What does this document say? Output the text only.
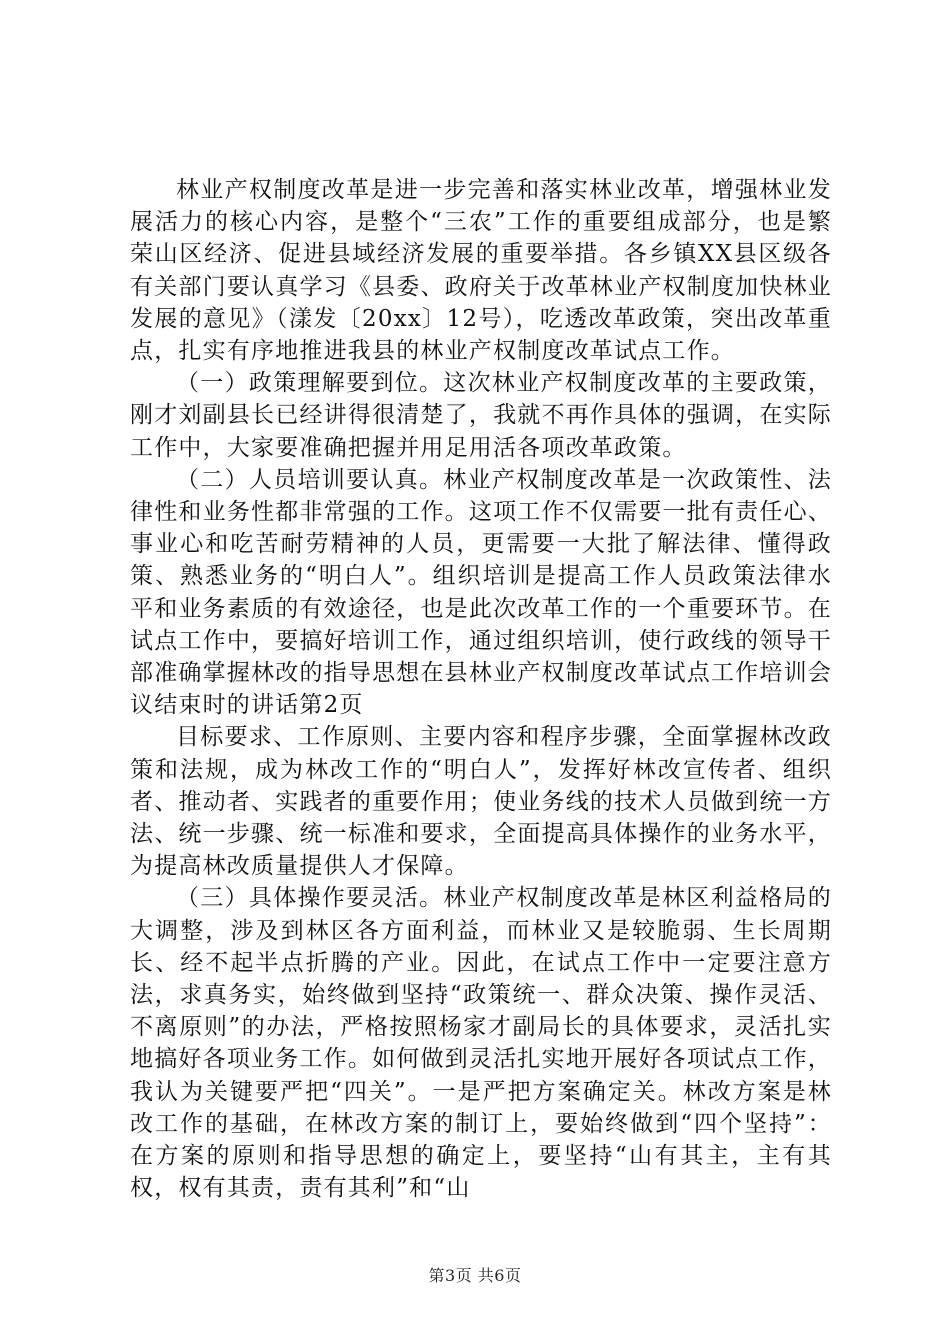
林业产权制度改革是进一步完善和落实林业改革，增强林业发展活力的核心内容，是整个“三农”工作的重要组成部分，也是繁荣山区经济、促进县域经济发展的重要举措。各乡镇XX县区级各有关部门要认真学习《县委、政府关于改革林业产权制度加快林业发展的意见》（漾发〔20xx〕12号），吃透改革政策，突出改革重点，扎实有序地推进我县的林业产权制度改革试点工作。

（一）政策理解要到位。这次林业产权制度改革的主要政策，刚才刘副县长已经讲得很清楚了，我就不再作具体的强调，在实际工作中，大家要准确把握并用足用活各项改革政策。

（二）人员培训要认真。林业产权制度改革是一次政策性、法律性和业务性都非常强的工作。这项工作不仅需要一批有责任心、事业心和吃苦耐劳精神的人员，更需要一大批了解法律、懂得政策、熟悉业务的“明白人”。组织培训是提高工作人员政策法律水平和业务素质的有效途径，也是此次改革工作的一个重要环节。在试点工作中，要搞好培训工作，通过组织培训，使行政线的领导干部准确掌握林改的指导思想在县林业产权制度改革试点工作培训会议结束时的讲话第2页

目标要求、工作原则、主要内容和程序步骤，全面掌握林改政策和法规，成为林改工作的“明白人”，发挥好林改宣传者、组织者、推动者、实践者的重要作用；使业务线的技术人员做到统一方法、统一步骤、统一标准和要求，全面提高具体操作的业务水平，为提高林改质量提供人才保障。

（三）具体操作要灵活。林业产权制度改革是林区利益格局的大调整，涉及到林区各方面利益，而林业又是较脆弱、生长周期长、经不起半点折腾的产业。因此，在试点工作中一定要注意方法，求真务实，始终做到坚持“政策统一、群众决策、操作灵活、不离原则”的办法，严格按照杨家才副局长的具体要求，灵活扎实地搞好各项业务工作。如何做到灵活扎实地开展好各项试点工作，我认为关键要严把“四关”。一是严把方案确定关。林改方案是林改工作的基础，在林改方案的制订上，要始终做到“四个坚持”：在方案的原则和指导思想的确定上，要坚持“山有其主，主有其权，权有其责，责有其利”和“山

第3页 共6页
